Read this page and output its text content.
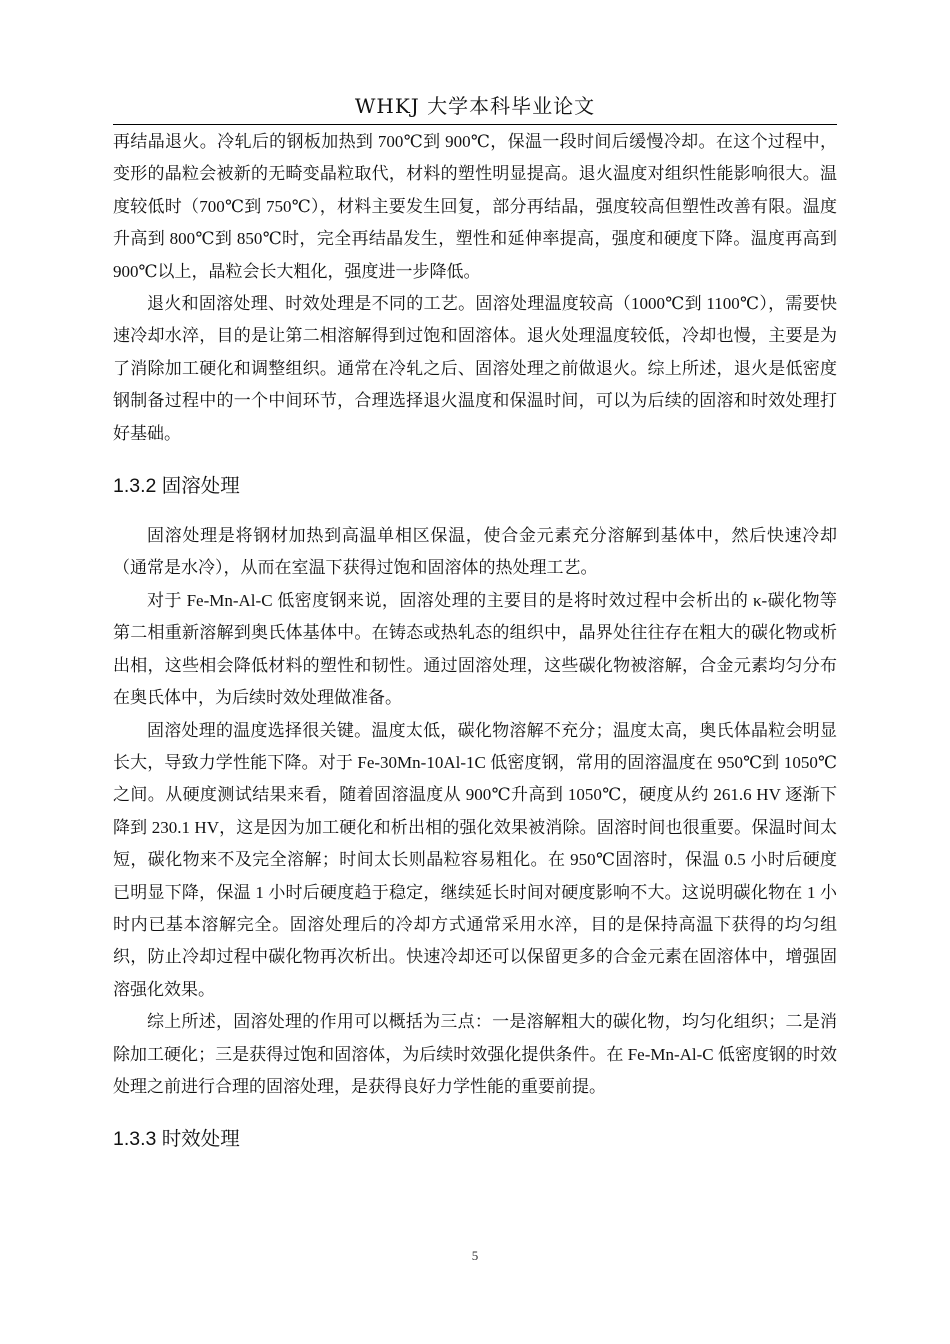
WHKJ 大学本科毕业论文

再结晶退火。冷轧后的钢板加热到 700℃到 900℃，保温一段时间后缓慢冷却。在这个过程中，变形的晶粒会被新的无畸变晶粒取代，材料的塑性明显提高。退火温度对组织性能影响很大。温度较低时（700℃到 750℃），材料主要发生回复，部分再结晶，强度较高但塑性改善有限。温度升高到 800℃到 850℃时，完全再结晶发生，塑性和延伸率提高，强度和硬度下降。温度再高到 900℃以上，晶粒会长大粗化，强度进一步降低。

退火和固溶处理、时效处理是不同的工艺。固溶处理温度较高（1000℃到 1100℃），需要快速冷却水淬，目的是让第二相溶解得到过饱和固溶体。退火处理温度较低，冷却也慢，主要是为了消除加工硬化和调整组织。通常在冷轧之后、固溶处理之前做退火。综上所述，退火是低密度钢制备过程中的一个中间环节，合理选择退火温度和保温时间，可以为后续的固溶和时效处理打好基础。

1.3.2 固溶处理

固溶处理是将钢材加热到高温单相区保温，使合金元素充分溶解到基体中，然后快速冷却（通常是水冷），从而在室温下获得过饱和固溶体的热处理工艺。

对于 Fe-Mn-Al-C 低密度钢来说，固溶处理的主要目的是将时效过程中会析出的 κ-碳化物等第二相重新溶解到奥氏体基体中。在铸态或热轧态的组织中，晶界处往往存在粗大的碳化物或析出相，这些相会降低材料的塑性和韧性。通过固溶处理，这些碳化物被溶解，合金元素均匀分布在奥氏体中，为后续时效处理做准备。

固溶处理的温度选择很关键。温度太低，碳化物溶解不充分；温度太高，奥氏体晶粒会明显长大，导致力学性能下降。对于 Fe-30Mn-10Al-1C 低密度钢，常用的固溶温度在 950℃到 1050℃之间。从硬度测试结果来看，随着固溶温度从 900℃升高到 1050℃，硬度从约 261.6 HV 逐渐下降到 230.1 HV，这是因为加工硬化和析出相的强化效果被消除。固溶时间也很重要。保温时间太短，碳化物来不及完全溶解；时间太长则晶粒容易粗化。在 950℃固溶时，保温 0.5 小时后硬度已明显下降，保温 1 小时后硬度趋于稳定，继续延长时间对硬度影响不大。这说明碳化物在 1 小时内已基本溶解完全。固溶处理后的冷却方式通常采用水淬，目的是保持高温下获得的均匀组织，防止冷却过程中碳化物再次析出。快速冷却还可以保留更多的合金元素在固溶体中，增强固溶强化效果。

综上所述，固溶处理的作用可以概括为三点：一是溶解粗大的碳化物，均匀化组织；二是消除加工硬化；三是获得过饱和固溶体，为后续时效强化提供条件。在 Fe-Mn-Al-C 低密度钢的时效处理之前进行合理的固溶处理，是获得良好力学性能的重要前提。

1.3.3 时效处理
5
